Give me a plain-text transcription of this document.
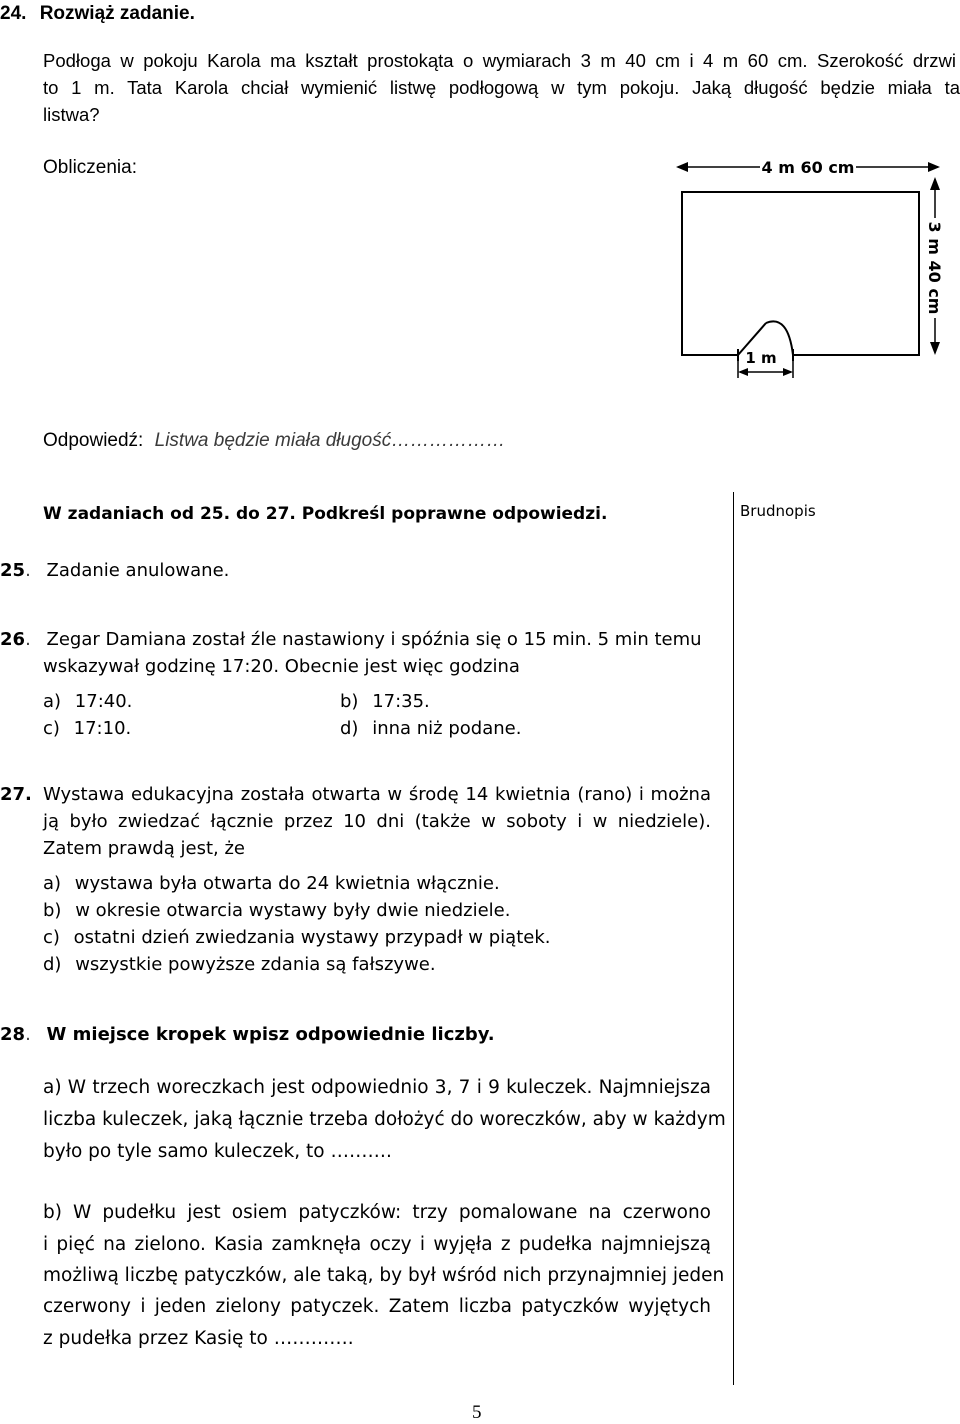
24. Rozwiąż zadanie.
Podłoga w pokoju Karola ma kształt prostokąta o wymiarach 3 m 40 cm i 4 m 60 cm. Szerokość drzwi
to 1 m. Tata Karola chciał wymienić listwę podłogową w tym pokoju. Jaką długość będzie miała ta
listwa?
Obliczenia:	4 m 60 cm
1 m
3 m 40 cm
Odpowiedź: Listwa będzie miała długość………………
W zadaniach od 25. do 27. Podkreśl poprawne odpowiedzi.	Brudnopis
25. Zadanie anulowane.
26. Zegar Damiana został źle nastawiony i spóźnia się o 15 min. 5 min temu
wskazywał godzinę 17:20. Obecnie jest więc godzina
a) 17:40.	b) 17:35.
c) 17:10.	d) inna niż podane.
27. Wystawa edukacyjna została otwarta w środę 14 kwietnia (rano) i można
ją było zwiedzać łącznie przez 10 dni (także w soboty i w niedziele).
Zatem prawdą jest, że
a) wystawa była otwarta do 24 kwietnia włącznie.
b) w okresie otwarcia wystawy były dwie niedziele.
c) ostatni dzień zwiedzania wystawy przypadł w piątek.
d) wszystkie powyższe zdania są fałszywe.
28. W miejsce kropek wpisz odpowiednie liczby.
a) W trzech woreczkach jest odpowiednio 3, 7 i 9 kuleczek. Najmniejsza
liczba kuleczek, jaką łącznie trzeba dołożyć do woreczków, aby w każdym
było po tyle samo kuleczek, to ……….
b) W pudełku jest osiem patyczków: trzy pomalowane na czerwono
i pięć na zielono. Kasia zamknęła oczy i wyjęła z pudełka najmniejszą
możliwą liczbę patyczków, ale taką, by był wśród nich przynajmniej jeden
czerwony i jeden zielony patyczek. Zatem liczba patyczków wyjętych
z pudełka przez Kasię to ………….
5
